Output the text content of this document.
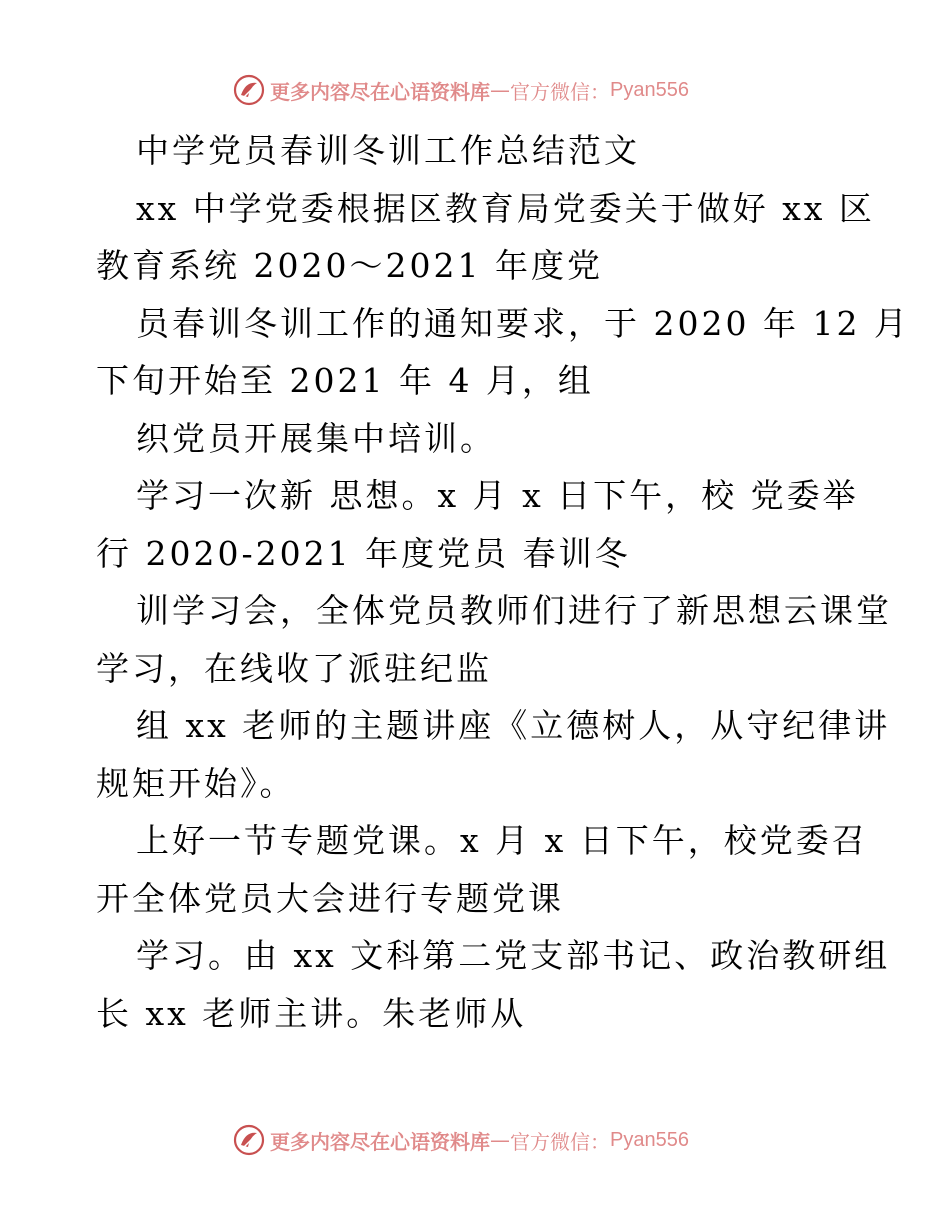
更多内容尽在心语资料库 — 官方微信： Pyan556
中学党员春训冬训工作总结范文
xx 中学党委根据区教育局党委关于做好 xx 区
教育系统 2020～2021 年度党
员春训冬训工作的通知要求，于 2020 年 12 月
下旬开始至 2021 年 4 月，组
织党员开展集中培训。
学习一次新 思想。x 月 x 日下午，校 党委举
行 2020-2021 年度党员 春训冬
训学习会，全体党员教师们进行了新思想云课堂
学习，在线收了派驻纪监
组 xx 老师的主题讲座《立德树人，从守纪律讲
规矩开始》。
上好一节专题党课。x 月 x 日下午，校党委召
开全体党员大会进行专题党课
学习。由 xx 文科第二党支部书记、政治教研组
长 xx 老师主讲。朱老师从
更多内容尽在心语资料库 — 官方微信： Pyan556
